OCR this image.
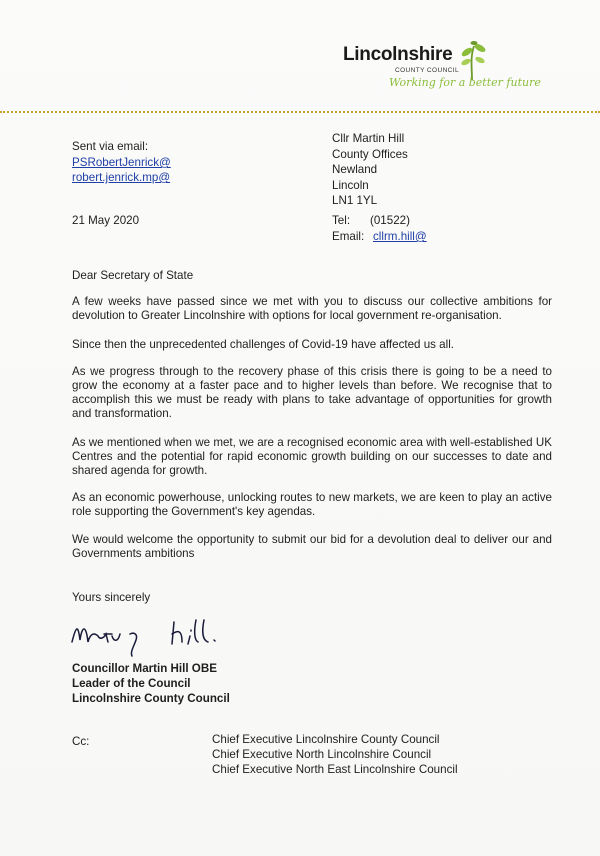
Lincolnshire
COUNTY COUNCIL
Working for a better future
Sent via email:
PSRobertJenrick@
robert.jenrick.mp@
Cllr Martin Hill
County Offices
Newland
Lincoln
LN1 1YL
21 May 2020	Tel: (01522)
Email: cllrm.hill@
Dear Secretary of State
A few weeks have passed since we met with you to discuss our collective ambitions for devolution to Greater Lincolnshire with options for local government re-organisation.
Since then the unprecedented challenges of Covid-19 have affected us all.
As we progress through to the recovery phase of this crisis there is going to be a need to grow the economy at a faster pace and to higher levels than before. We recognise that to accomplish this we must be ready with plans to take advantage of opportunities for growth and transformation.
As we mentioned when we met, we are a recognised economic area with well-established UK Centres and the potential for rapid economic growth building on our successes to date and shared agenda for growth.
As an economic powerhouse, unlocking routes to new markets, we are keen to play an active role supporting the Government's key agendas.
We would welcome the opportunity to submit our bid for a devolution deal to deliver our and Governments ambitions
Yours sincerely
Councillor Martin Hill OBE
Leader of the Council
Lincolnshire County Council
Cc:	Chief Executive Lincolnshire County Council
Chief Executive North Lincolnshire Council
Chief Executive North East Lincolnshire Council
